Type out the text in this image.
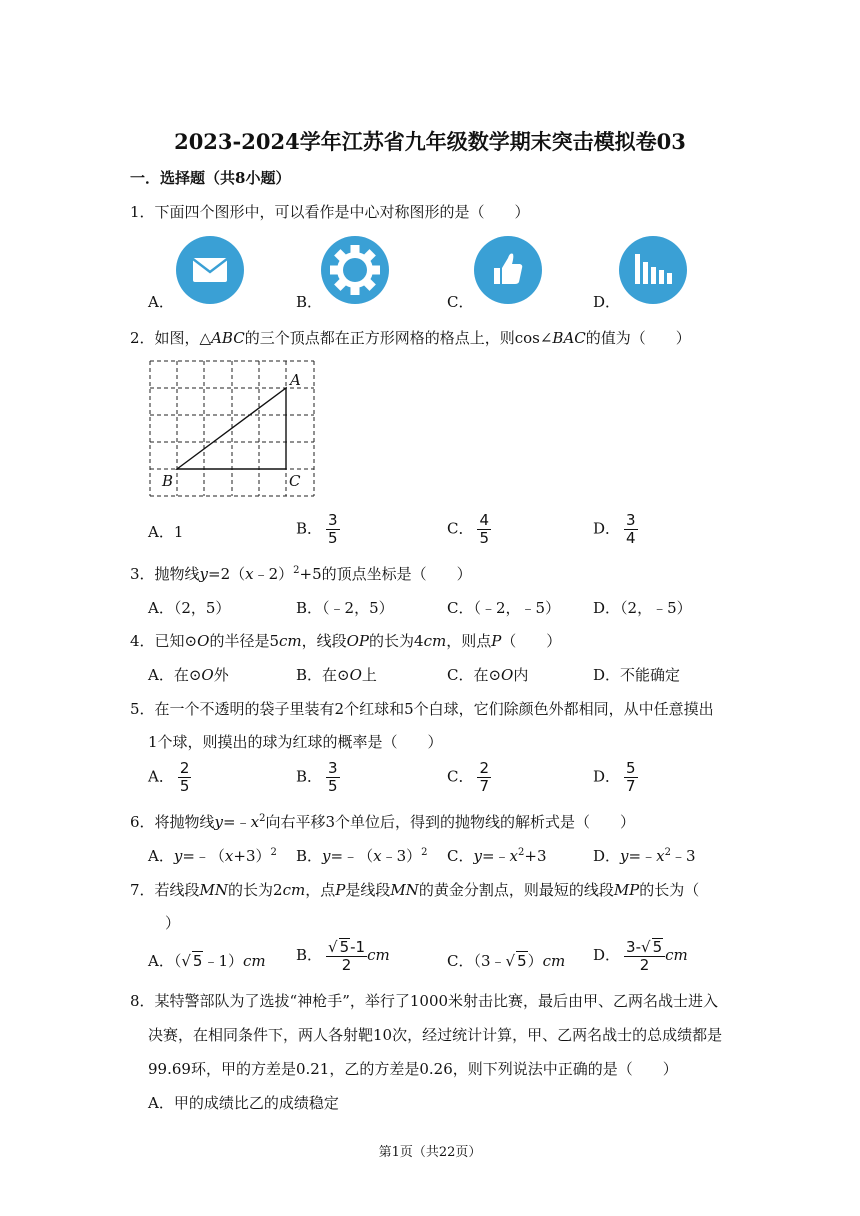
2023-2024学年江苏省九年级数学期末突击模拟卷03
一．选择题（共8小题）
1．下面四个图形中，可以看作是中心对称图形的是（　　）
A．	B．	C．	D．
2．如图，△ABC的三个顶点都在正方形网格的格点上，则cos∠BAC的值为（　　）
A
B	C
A．1	B． $\frac{3}{5}$	C． $\frac{4}{5}$	D． $\frac{3}{4}$
3．抛物线y=2（x﹣2）$^2$+5的顶点坐标是（　　）
A．（2，5）	B．（﹣2，5）	C．（﹣2，﹣5） D．（2，﹣5）
4．已知⊙O的半径是5cm，线段OP的长为4cm，则点P（　　）
A．在⊙O外	B．在⊙O上	C．在⊙O内	D．不能确定
5．在一个不透明的袋子里装有2个红球和5个白球，它们除颜色外都相同，从中任意摸出
1个球，则摸出的球为红球的概率是（　　）
A． $\frac{2}{5}$	B． $\frac{3}{5}$	C． $\frac{2}{7}$	D． $\frac{5}{7}$
6．将抛物线$y=﹣x^2$向右平移3个单位后，得到的抛物线的解析式是（　　）
A．$y=﹣(x+3)^2$ B．y=﹣（x﹣3）$^2$ C．$y=﹣x^2+3$	D．$y=﹣x^2﹣3$
7．若线段MN的长为2cm，点P是线段MN的黄金分割点，则最短的线段MP的长为（
）
A．（√ 5﹣1）cm B． $\frac{√ 5-1}{2}$ cm	C．（3﹣√ 5）cm D． $\frac{3-√ 5}{2}$ cm
8．某特警部队为了选拔“神枪手”，举行了1000米射击比赛，最后由甲、乙两名战士进入
决赛，在相同条件下，两人各射靶10次，经过统计计算，甲、乙两名战士的总成绩都是
99.69环，甲的方差是0.21，乙的方差是0.26，则下列说法中正确的是（　　）
A．甲的成绩比乙的成绩稳定
第1页（共22页）
